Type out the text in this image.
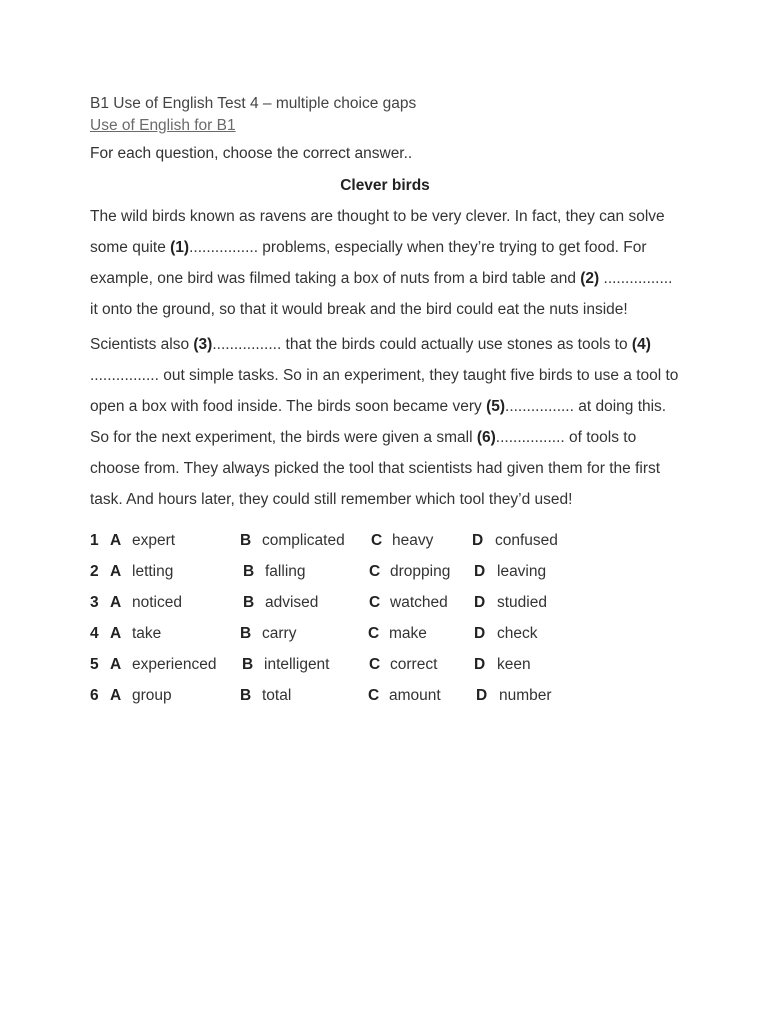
B1 Use of English Test 4 – multiple choice gaps
Use of English for B1
For each question, choose the correct answer..
Clever birds
The wild birds known as ravens are thought to be very clever. In fact, they can solve some quite (1)................ problems, especially when they’re trying to get food. For example, one bird was filmed taking a box of nuts from a bird table and (2) ................ it onto the ground, so that it would break and the bird could eat the nuts inside!
Scientists also (3)................ that the birds could actually use stones as tools to (4) ................ out simple tasks. So in an experiment, they taught five birds to use a tool to open a box with food inside. The birds soon became very (5)................ at doing this. So for the next experiment, the birds were given a small (6)................ of tools to choose from. They always picked the tool that scientists had given them for the first task. And hours later, they could still remember which tool they’d used!
1 A expert	B complicated C heavy D confused
2 A letting	B falling	C dropping D leaving
3 A noticed	B advised	C watched D studied
4 A take	B carry	C make	D check
5 A experienced B intelligent	C correct D keen
6 A group	B total	C amount D number
